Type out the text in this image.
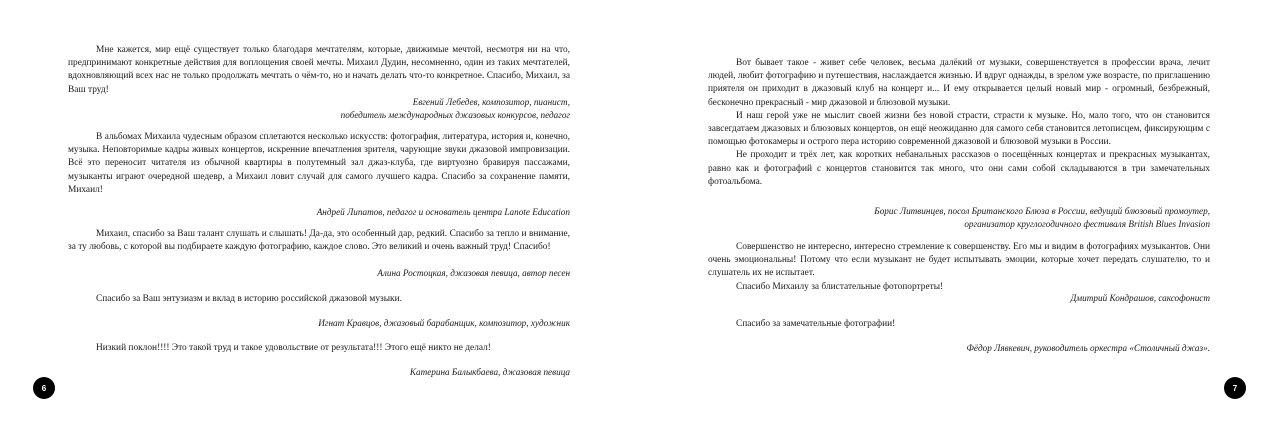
Мне кажется, мир ещё существует только благодаря мечтателям, которые, движимые мечтой, несмотря ни на что, предпринимают конкретные действия для воплощения своей мечты. Михаил Дудин, несомненно, один из таких мечтателей, вдохновляющий всех нас не только продолжать мечтать о чём-то, но и начать делать что-то конкретное. Спасибо, Михаил, за Ваш труд!

Евгений Лебедев, композитор, пианист,
победитель международных джазовых конкурсов, педагог

В альбомах Михаила чудесным образом сплетаются несколько искусств: фотография, литература, история и, конечно, музыка. Неповторимые кадры живых концертов, искренние впечатления зрителя, чарующие звуки джазовой импровизации. Всё это переносит читателя из обычной квартиры в полутемный зал джаз-клуба, где виртуозно бравируя пассажами, музыканты играют очередной шедевр, а Михаил ловит случай для самого лучшего кадра. Спасибо за сохранение памяти, Михаил!

Андрей Липатов, педагог и основатель центра Lanote Education

Михаил, спасибо за Ваш талант слушать и слышать! Да-да, это особенный дар, редкий. Спасибо за тепло и внимание, за ту любовь, с которой вы подбираете каждую фотографию, каждое слово. Это великий и очень важный труд! Спасибо!

Алина Ростоцкая, джазовая певица, автор песен

Спасибо за Ваш энтузиазм и вклад в историю российской джазовой музыки.

Игнат Кравцов, джазовый барабанщик, композитор, художник

Низкий поклон!!!! Это такой труд и такое удовольствие от результата!!! Этого ещё никто не делал!

Катерина Балыкбаева, джазовая певица
6

Вот бывает такое - живет себе человек, весьма далёкий от музыки, совершенствуется в профессии врача, лечит людей, любит фотографию и путешествия, наслаждается жизнью. И вдруг однажды, в зрелом уже возрасте, по приглашению приятеля он приходит в джазовый клуб на концерт и... И ему открывается целый новый мир - огромный, безбрежный, бесконечно прекрасный - мир джазовой и блюзовой музыки.

И наш герой уже не мыслит своей жизни без новой страсти, страсти к музыке. Но, мало того, что он становится завсегдатаем джазовых и блюзовых концертов, он ещё неожиданно для самого себя становится летописцем, фиксирующим с помощью фотокамеры и острого пера историю современной джазовой и блюзовой музыки в России.

Не проходит и трёх лет, как коротких небанальных рассказов о посещённых концертах и прекрасных музыкантах, равно как и фотографий с концертов становится так много, что они сами собой складываются в три замечательных фотоальбома.

Борис Литвинцев, посол Британского Блюза в России, ведущий блюзовый промоутер,
организатор круглогодичного фестиваля British Blues Invasion

Совершенство не интересно, интересно стремление к совершенству. Его мы и видим в фотографиях музыкантов. Они очень эмоциональны! Потому что если музыкант не будет испытывать эмоции, которые хочет передать слушателю, то и слушатель их не испытает.

Спасибо Михаилу за блистательные фотопортреты!

Дмитрий Кондрашов, саксофонист

Спасибо за замечательные фотографии!

Фёдор Лявкевич, руководитель оркестра «Столичный джаз».
7
